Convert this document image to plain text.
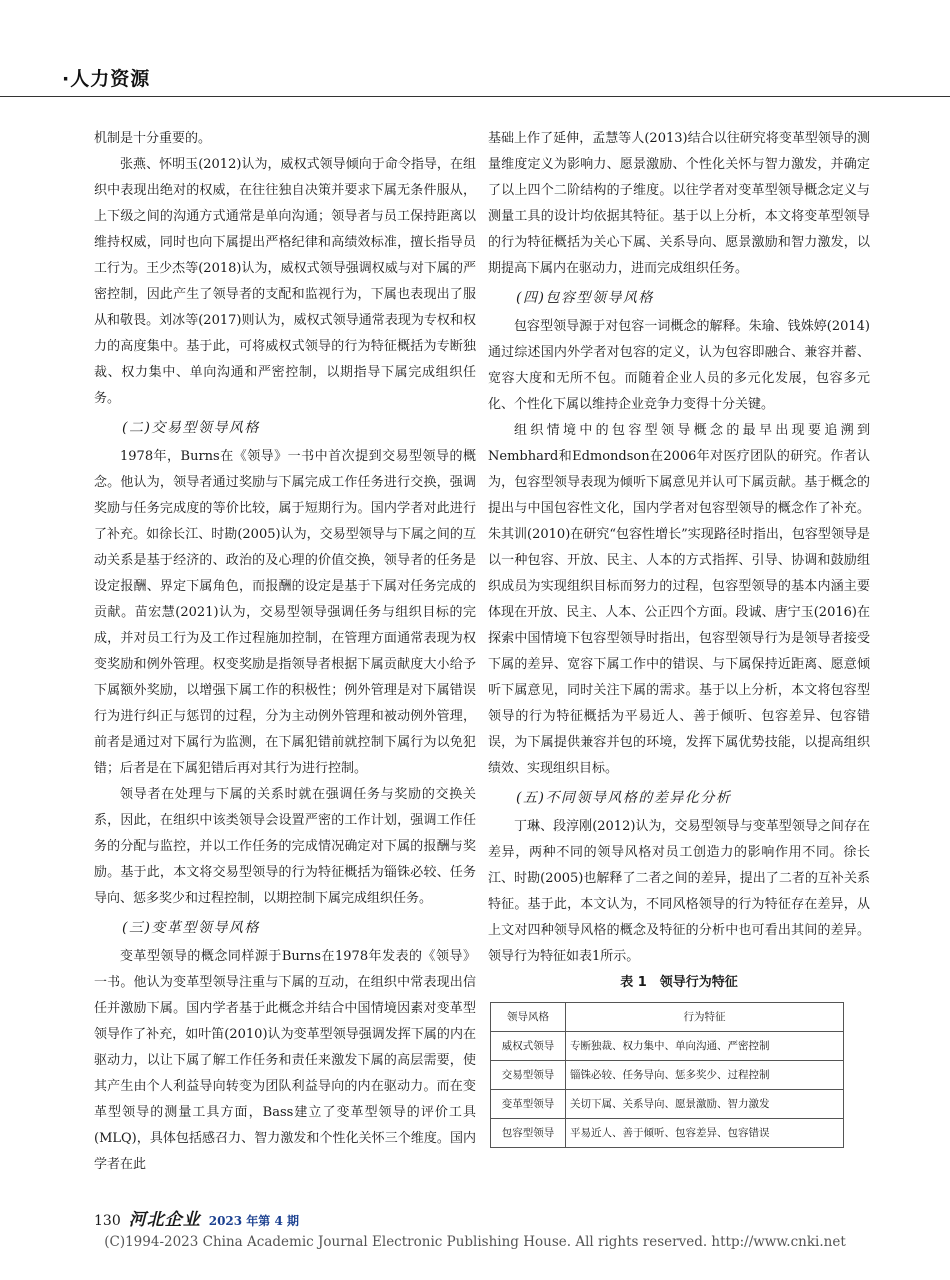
·人力资源

机制是十分重要的。

张燕、怀明玉(2012)认为，威权式领导倾向于命令指导，在组织中表现出绝对的权威，在往往独自决策并要求下属无条件服从，上下级之间的沟通方式通常是单向沟通；领导者与员工保持距离以维持权威，同时也向下属提出严格纪律和高绩效标准，擅长指导员工行为。王少杰等(2018)认为，威权式领导强调权威与对下属的严密控制，因此产生了领导者的支配和监视行为，下属也表现出了服从和敬畏。刘冰等(2017)则认为，威权式领导通常表现为专权和权力的高度集中。基于此，可将威权式领导的行为特征概括为专断独裁、权力集中、单向沟通和严密控制，以期指导下属完成组织任务。

(二)交易型领导风格

1978年，Burns在《领导》一书中首次提到交易型领导的概念。他认为，领导者通过奖励与下属完成工作任务进行交换，强调奖励与任务完成度的等价比较，属于短期行为。国内学者对此进行了补充。如徐长江、时勘(2005)认为，交易型领导与下属之间的互动关系是基于经济的、政治的及心理的价值交换，领导者的任务是设定报酬、界定下属角色，而报酬的设定是基于下属对任务完成的贡献。苗宏慧(2021)认为，交易型领导强调任务与组织目标的完成，并对员工行为及工作过程施加控制，在管理方面通常表现为权变奖励和例外管理。权变奖励是指领导者根据下属贡献度大小给予下属额外奖励，以增强下属工作的积极性；例外管理是对下属错误行为进行纠正与惩罚的过程，分为主动例外管理和被动例外管理，前者是通过对下属行为监测，在下属犯错前就控制下属行为以免犯错；后者是在下属犯错后再对其行为进行控制。

领导者在处理与下属的关系时就在强调任务与奖励的交换关系，因此，在组织中该类领导会设置严密的工作计划，强调工作任务的分配与监控，并以工作任务的完成情况确定对下属的报酬与奖励。基于此，本文将交易型领导的行为特征概括为锱铢必较、任务导向、惩多奖少和过程控制，以期控制下属完成组织任务。

(三)变革型领导风格

变革型领导的概念同样源于Burns在1978年发表的《领导》一书。他认为变革型领导注重与下属的互动，在组织中常表现出信任并激励下属。国内学者基于此概念并结合中国情境因素对变革型领导作了补充，如叶笛(2010)认为变革型领导强调发挥下属的内在驱动力，以让下属了解工作任务和责任来激发下属的高层需要，使其产生由个人利益导向转变为团队利益导向的内在驱动力。而在变革型领导的测量工具方面，Bass建立了变革型领导的评价工具(MLQ)，具体包括感召力、智力激发和个性化关怀三个维度。国内学者在此

基础上作了延伸，孟慧等人(2013)结合以往研究将变革型领导的测量维度定义为影响力、愿景激励、个性化关怀与智力激发，并确定了以上四个二阶结构的子维度。以往学者对变革型领导概念定义与测量工具的设计均依据其特征。基于以上分析，本文将变革型领导的行为特征概括为关心下属、关系导向、愿景激励和智力激发，以期提高下属内在驱动力，进而完成组织任务。

(四)包容型领导风格

包容型领导源于对包容一词概念的解释。朱瑜、钱姝婷(2014)通过综述国内外学者对包容的定义，认为包容即融合、兼容并蓄、宽容大度和无所不包。而随着企业人员的多元化发展，包容多元化、个性化下属以维持企业竞争力变得十分关键。

组织情境中的包容型领导概念的最早出现要追溯到Nembhard和Edmondson在2006年对医疗团队的研究。作者认为，包容型领导表现为倾听下属意见并认可下属贡献。基于概念的提出与中国包容性文化，国内学者对包容型领导的概念作了补充。朱其训(2010)在研究“包容性增长”实现路径时指出，包容型领导是以一种包容、开放、民主、人本的方式指挥、引导、协调和鼓励组织成员为实现组织目标而努力的过程，包容型领导的基本内涵主要体现在开放、民主、人本、公正四个方面。段诚、唐宁玉(2016)在探索中国情境下包容型领导时指出，包容型领导行为是领导者接受下属的差异、宽容下属工作中的错误、与下属保持近距离、愿意倾听下属意见，同时关注下属的需求。基于以上分析，本文将包容型领导的行为特征概括为平易近人、善于倾听、包容差异、包容错误，为下属提供兼容并包的环境，发挥下属优势技能，以提高组织绩效、实现组织目标。

(五)不同领导风格的差异化分析

丁琳、段淳刚(2012)认为，交易型领导与变革型领导之间存在差异，两种不同的领导风格对员工创造力的影响作用不同。徐长江、时勘(2005)也解释了二者之间的差异，提出了二者的互补关系特征。基于此，本文认为，不同风格领导的行为特征存在差异，从上文对四种领导风格的概念及特征的分析中也可看出其间的差异。领导行为特征如表1所示。

表 1　领导行为特征
领导风格	行为特征
威权式领导	专断独裁、权力集中、单向沟通、严密控制
交易型领导	锱铢必较、任务导向、惩多奖少、过程控制
变革型领导	关切下属、关系导向、愿景激励、智力激发
包容型领导	平易近人、善于倾听、包容差异、包容错误
130 河北企业 2023 年第 4 期
(C)1994-2023 China Academic Journal Electronic Publishing House. All rights reserved. http://www.cnki.net
